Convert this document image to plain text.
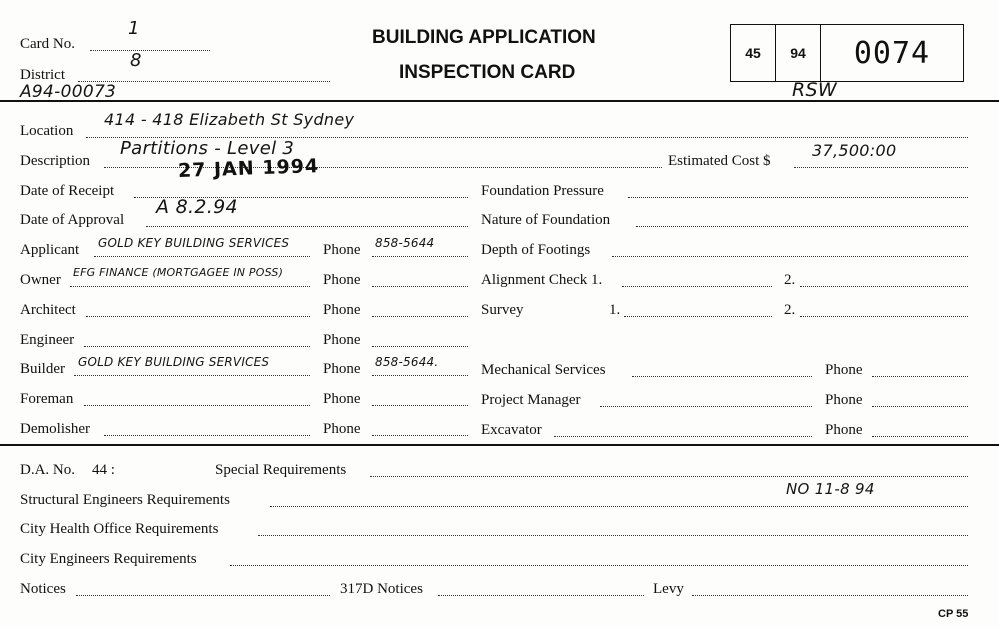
Card No.
1
District
8
A94-00073
BUILDING APPLICATION
INSPECTION CARD
45	94	0074
RSW
Location
414 - 418 Elizabeth St Sydney
Description
Partitions - Level 3
Estimated Cost $
37,500:00
Date of Receipt
27 JAN 1994
Date of Approval
A 8.2.94
Applicant GOLD KEY BUILDING SERVICES Phone 858-5644
Owner EFG FINANCE (MORTGAGEE IN POSS)	Phone
Architect	Phone
Engineer	Phone
Builder GOLD KEY BUILDING SERVICES	Phone 858-5644.
Foreman	Phone
Demolisher	Phone
Foundation Pressure
Nature of Foundation
Depth of Footings
Alignment Check 1.	2.
Survey	1.	2.
Mechanical Services	Phone
Project Manager	Phone
Excavator	Phone
D.A. No. 44 :	Special Requirements
Structural Engineers Requirements
NO 11-8 94
City Health Office Requirements
City Engineers Requirements
Notices	317D Notices	Levy
CP 55
